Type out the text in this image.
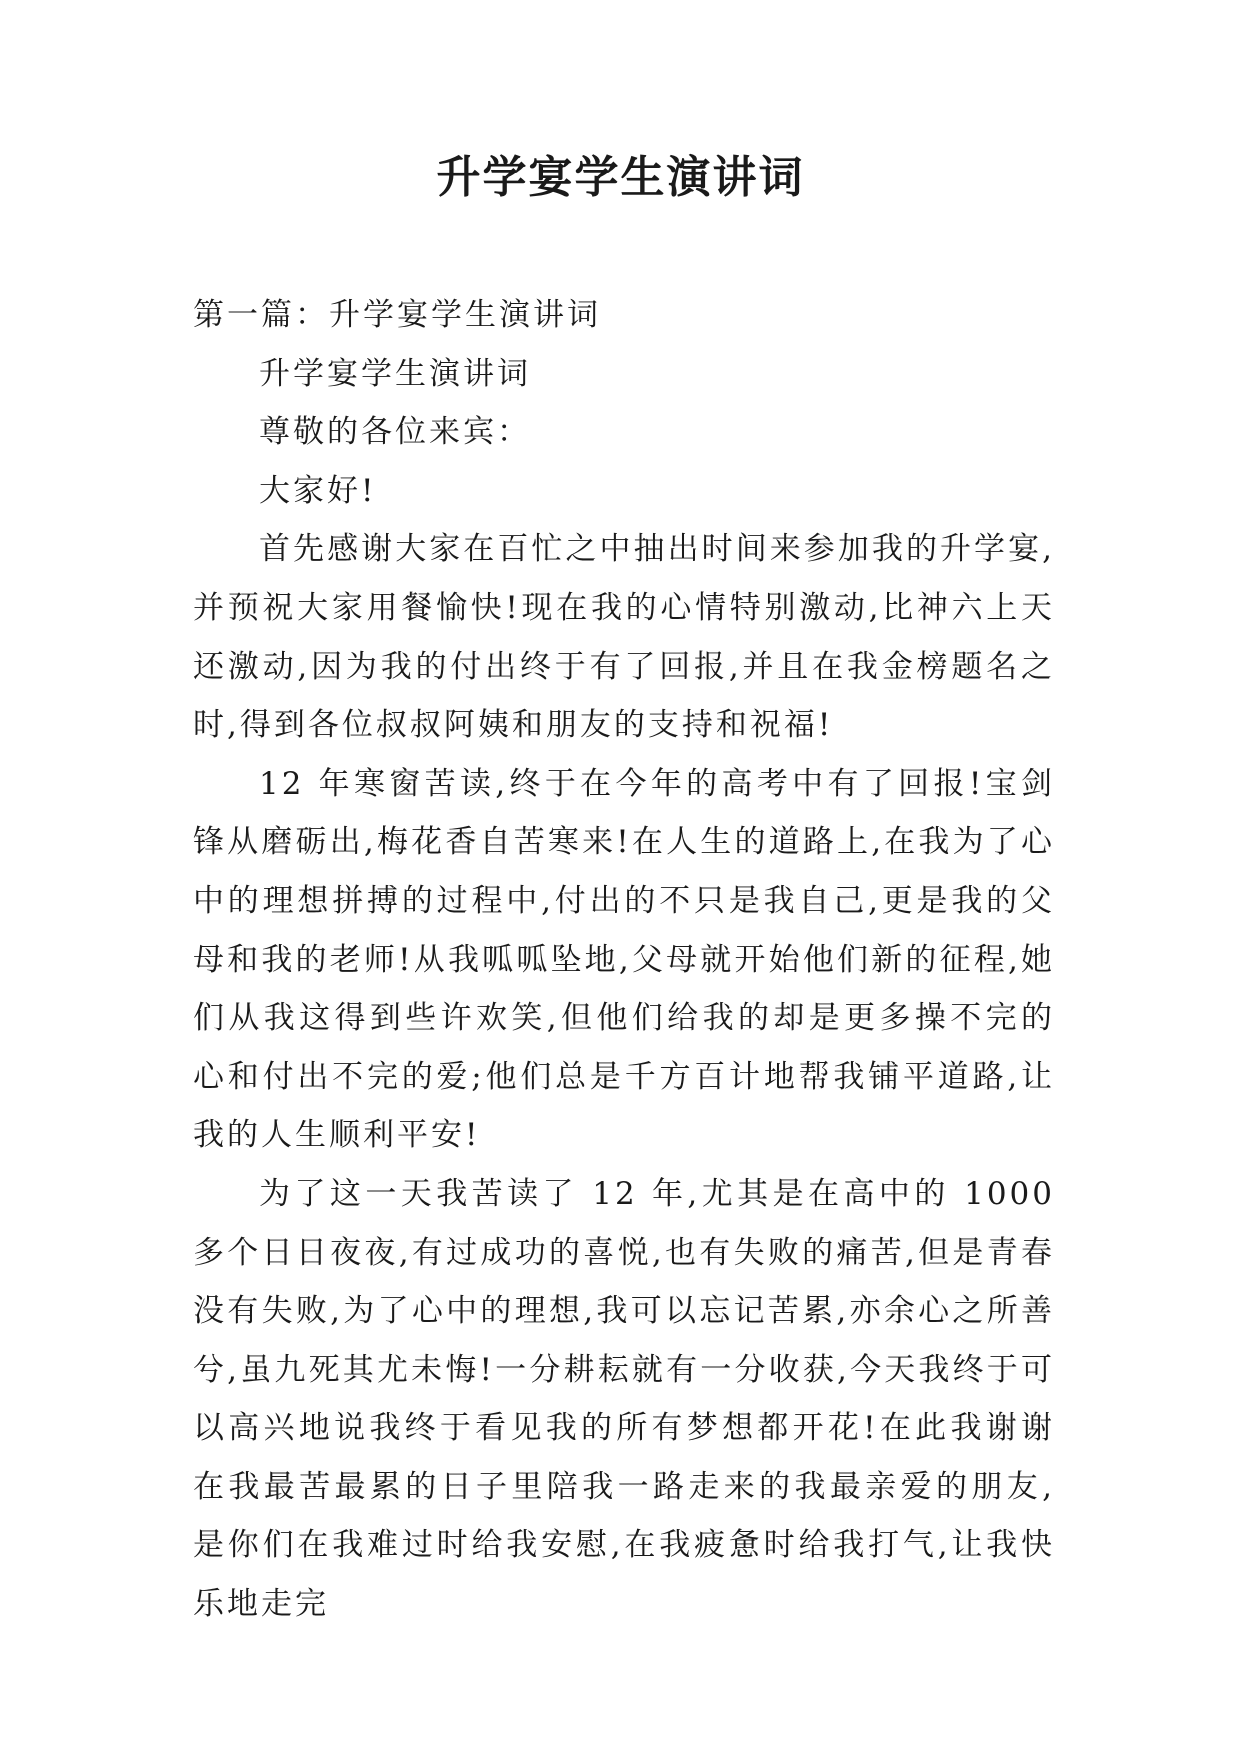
升学宴学生演讲词

第一篇：升学宴学生演讲词

升学宴学生演讲词

尊敬的各位来宾：

大家好!

首先感谢大家在百忙之中抽出时间来参加我的升学宴,并预祝大家用餐愉快!现在我的心情特别激动,比神六上天还激动,因为我的付出终于有了回报,并且在我金榜题名之时,得到各位叔叔阿姨和朋友的支持和祝福!

12 年寒窗苦读,终于在今年的高考中有了回报!宝剑锋从磨砺出,梅花香自苦寒来!在人生的道路上,在我为了心中的理想拼搏的过程中,付出的不只是我自己,更是我的父母和我的老师!从我呱呱坠地,父母就开始他们新的征程,她们从我这得到些许欢笑,但他们给我的却是更多操不完的心和付出不完的爱;他们总是千方百计地帮我铺平道路,让我的人生顺利平安!

为了这一天我苦读了 12 年,尤其是在高中的 1000 多个日日夜夜,有过成功的喜悦,也有失败的痛苦,但是青春没有失败,为了心中的理想,我可以忘记苦累,亦余心之所善兮,虽九死其尤未悔!一分耕耘就有一分收获,今天我终于可以高兴地说我终于看见我的所有梦想都开花!在此我谢谢在我最苦最累的日子里陪我一路走来的我最亲爱的朋友,是你们在我难过时给我安慰,在我疲惫时给我打气,让我快乐地走完
